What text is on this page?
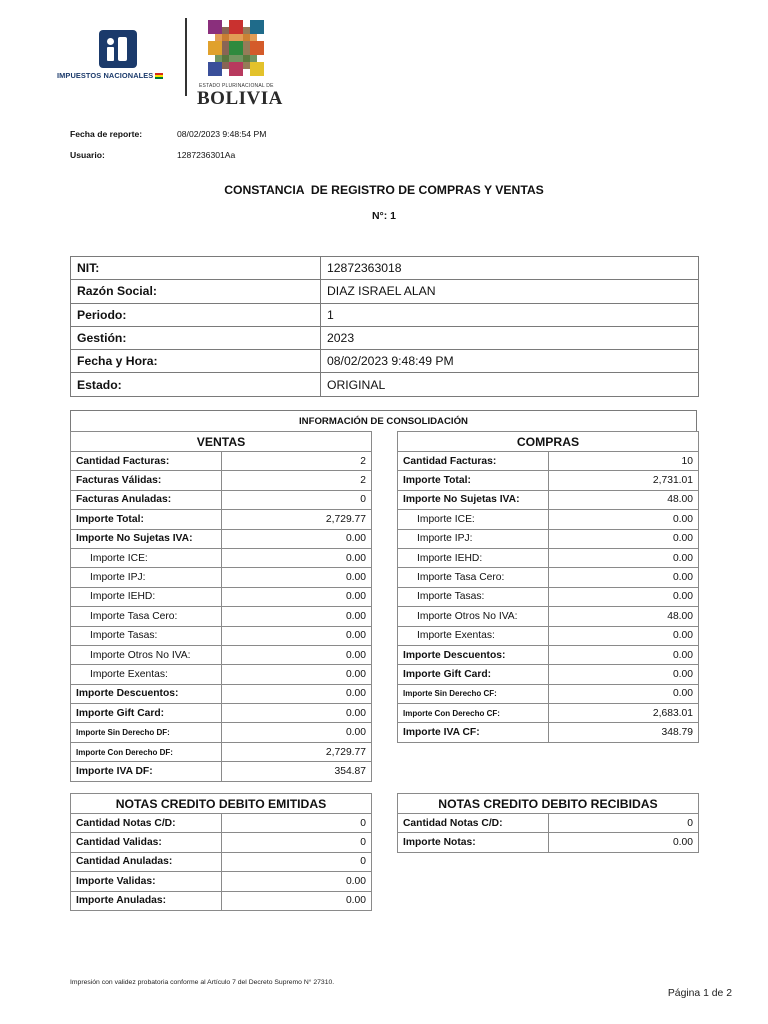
IMPUESTOS NACIONALES
ESTADO PLURINACIONAL DE
BOLIVIA
Fecha de reporte:	08/02/2023 9:48:54 PM
Usuario:	1287236301Aa
CONSTANCIA  DE REGISTRO DE COMPRAS Y VENTAS
N°: 1
NIT:	12872363018
Razón Social:	DIAZ ISRAEL ALAN
Periodo:	1
Gestión:	2023
Fecha y Hora:	08/02/2023 9:48:49 PM
Estado:	ORIGINAL
INFORMACIÓN DE CONSOLIDACIÓN
VENTAS	
Cantidad Facturas:	2
Facturas Válidas:	2
Facturas Anuladas:	0
Importe Total:	2,729.77
Importe No Sujetas IVA:	0.00
Importe ICE:	0.00
Importe IPJ:	0.00
Importe IEHD:	0.00
Importe Tasa Cero:	0.00
Importe Tasas:	0.00
Importe Otros No IVA:	0.00
Importe Exentas:	0.00
Importe Descuentos:	0.00
Importe Gift Card:	0.00
Importe Sin Derecho DF:	0.00
Importe Con Derecho DF:	2,729.77
Importe IVA DF:	354.87
COMPRAS	
Cantidad Facturas:	10
Importe Total:	2,731.01
Importe No Sujetas IVA:	48.00
Importe ICE:	0.00
Importe IPJ:	0.00
Importe IEHD:	0.00
Importe Tasa Cero:	0.00
Importe Tasas:	0.00
Importe Otros No IVA:	48.00
Importe Exentas:	0.00
Importe Descuentos:	0.00
Importe Gift Card:	0.00
Importe Sin Derecho CF:	0.00
Importe Con Derecho CF:	2,683.01
Importe IVA CF:	348.79
NOTAS CREDITO DEBITO EMITIDAS	
Cantidad Notas C/D:	0
Cantidad Validas:	0
Cantidad Anuladas:	0
Importe Validas:	0.00
Importe Anuladas:	0.00
NOTAS CREDITO DEBITO RECIBIDAS	
Cantidad Notas C/D:	0
Importe Notas:	0.00
Impresión con validez probatoria conforme al Artículo 7 del Decreto Supremo N° 27310.
Página 1 de 2
